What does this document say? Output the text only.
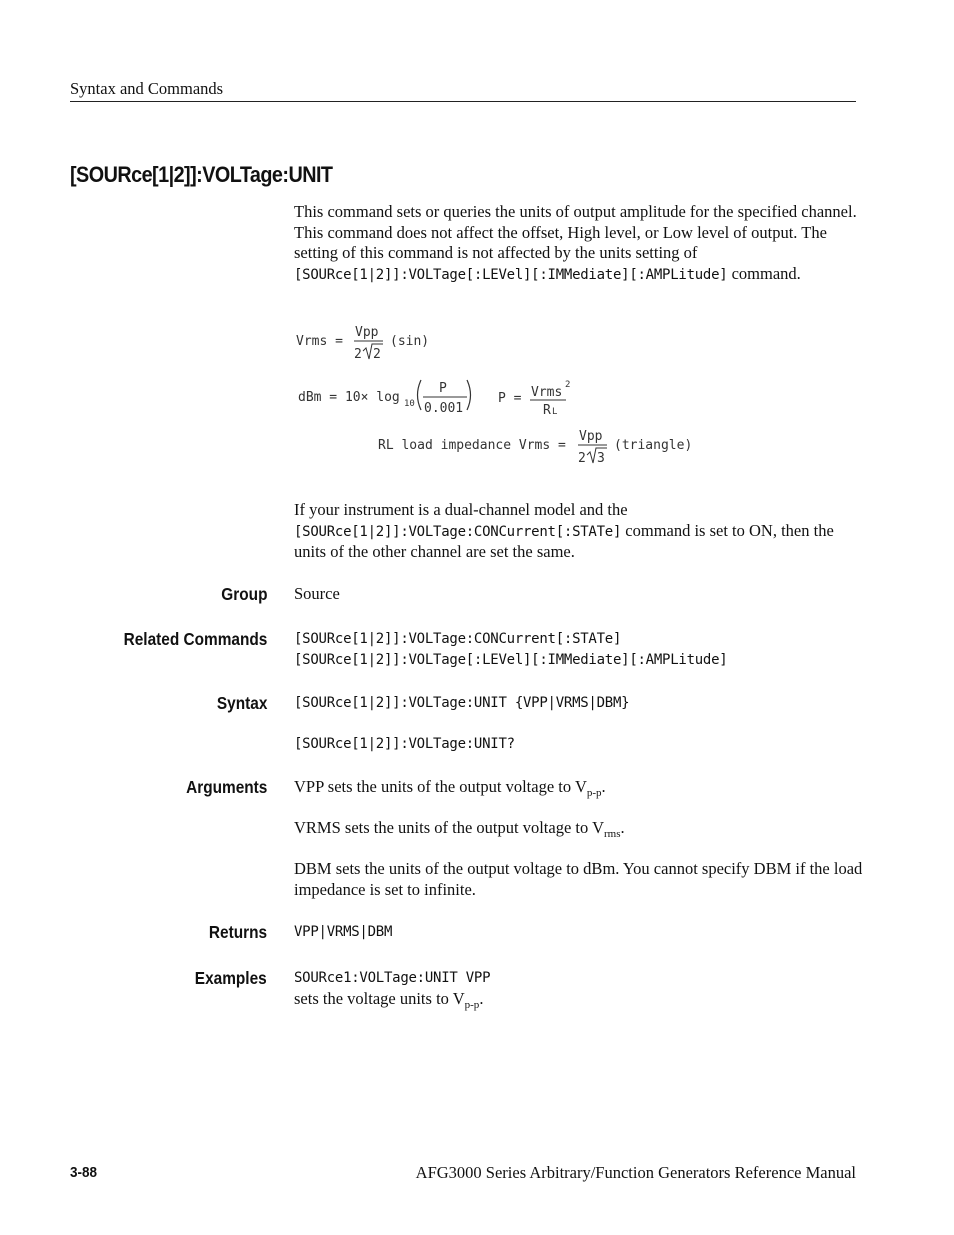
Syntax and Commands
[SOURce[1|2]]:VOLTage:UNIT
This command sets or queries the units of output amplitude for the specified channel. This command does not affect the offset, High level, or Low level of output. The setting of this command is not affected by the units setting of
[SOURce[1|2]]:VOLTage[:LEVel][:IMMediate][:AMPLitude] command.
Vrms =
Vpp
2 2
(sin)
dBm = 10× log 10
P
0.001
P = Vrms 2
R L
RL load impedance Vrms =
Vpp
2 3
(triangle)
If your instrument is a dual-channel model and the
[SOURce[1|2]]:VOLTage:CONCurrent[:STATe] command is set to ON, then the units of the other channel are set the same.
Group Source
Related Commands [SOURce[1|2]]:VOLTage:CONCurrent[:STATe]
[SOURce[1|2]]:VOLTage[:LEVel][:IMMediate][:AMPLitude]
Syntax [SOURce[1|2]]:VOLTage:UNIT {VPP|VRMS|DBM}
[SOURce[1|2]]:VOLTage:UNIT?
Arguments VPP sets the units of the output voltage to $V_{p-p}$.
VRMS sets the units of the output voltage to $V_{rms}$.
DBM sets the units of the output voltage to dBm. You cannot specify DBM if the load impedance is set to infinite.
Returns VPP|VRMS|DBM
Examples SOURce1:VOLTage:UNIT VPP
sets the voltage units to $V_{p-p}$.
3-88	AFG3000 Series Arbitrary/Function Generators Reference Manual
